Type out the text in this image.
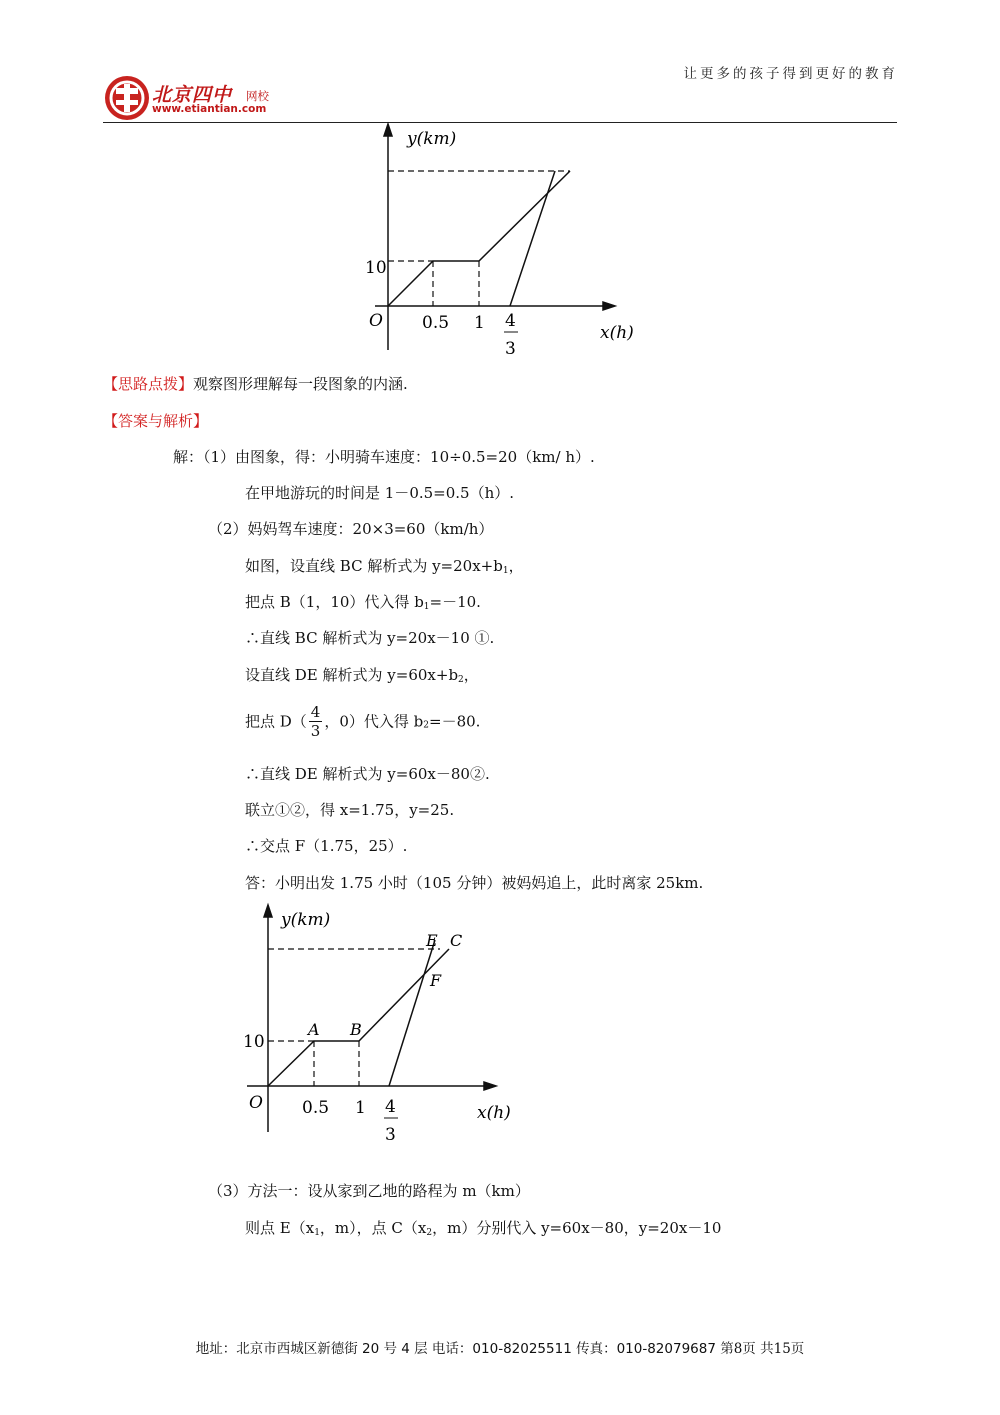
让更多的孩子得到更好的教育
北京四中 网校
www.etiantian.com
y(km)
x(h)
O
10
0.5 1 4
3
【思路点拨】观察图形理解每一段图象的内涵.
【答案与解析】
解：（1）由图象，得：小明骑车速度：10÷0.5=20（km/ h）.
在甲地游玩的时间是 1－0.5=0.5（h）.
（2）妈妈驾车速度：20×3=60（km/h）
如图，设直线 BC 解析式为 $y=20x+b_1$，
把点 B（1，10）代入得 $b_1=-10$.
∴直线 BC 解析式为 y=20x－10 ①.
设直线 DE 解析式为 $y=60x+b_2$，
把点 $D( \frac{4}{3}$ ，0）代入得 $b_2=-80$.
∴直线 DE 解析式为 y=60x－80②.
联立①②，得 x=1.75，y=25.
∴交点 F（1.75，25）.
答：小明出发 1.75 小时（105 分钟）被妈妈追上，此时离家 25km.
y(km)
x(h)
O
10
0.5 1 4
3
A B
E C
F
（3）方法一：设从家到乙地的路程为 m（km）
则点 $E(x_1$，m），点 $C(x_2$，m）分别代入 y=60x－80，y=20x－10
地址：北京市西城区新德街 20 号 4 层 电话：010-82025511 传真：010-82079687 第8页 共15页
